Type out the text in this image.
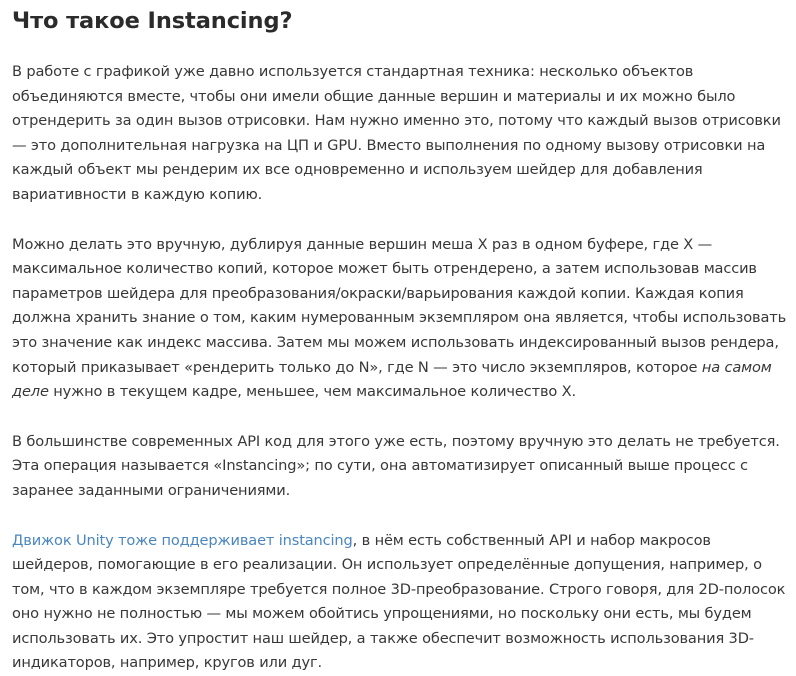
Что такое Instancing?

В работе с графикой уже давно используется стандартная техника: несколько объектов объединяются вместе, чтобы они имели общие данные вершин и материалы и их можно было отрендерить за один вызов отрисовки. Нам нужно именно это, потому что каждый вызов отрисовки — это дополнительная нагрузка на ЦП и GPU. Вместо выполнения по одному вызову отрисовки на каждый объект мы рендерим их все одновременно и используем шейдер для добавления вариативности в каждую копию.

Можно делать это вручную, дублируя данные вершин меша X раз в одном буфере, где X — максимальное количество копий, которое может быть отрендерено, а затем использовав массив параметров шейдера для преобразования/окраски/варьирования каждой копии. Каждая копия должна хранить знание о том, каким нумерованным экземпляром она является, чтобы использовать это значение как индекс массива. Затем мы можем использовать индексированный вызов рендера, который приказывает «рендерить только до N», где N — это число экземпляров, которое на самом деле нужно в текущем кадре, меньшее, чем максимальное количество X.

В большинстве современных API код для этого уже есть, поэтому вручную это делать не требуется. Эта операция называется «Instancing»; по сути, она автоматизирует описанный выше процесс с заранее заданными ограничениями.

Движок Unity тоже поддерживает instancing, в нём есть собственный API и набор макросов шейдеров, помогающие в его реализации. Он использует определённые допущения, например, о том, что в каждом экземпляре требуется полное 3D-преобразование. Строго говоря, для 2D-полосок оно нужно не полностью — мы можем обойтись упрощениями, но поскольку они есть, мы будем использовать их. Это упростит наш шейдер, а также обеспечит возможность использования 3D-индикаторов, например, кругов или дуг.
